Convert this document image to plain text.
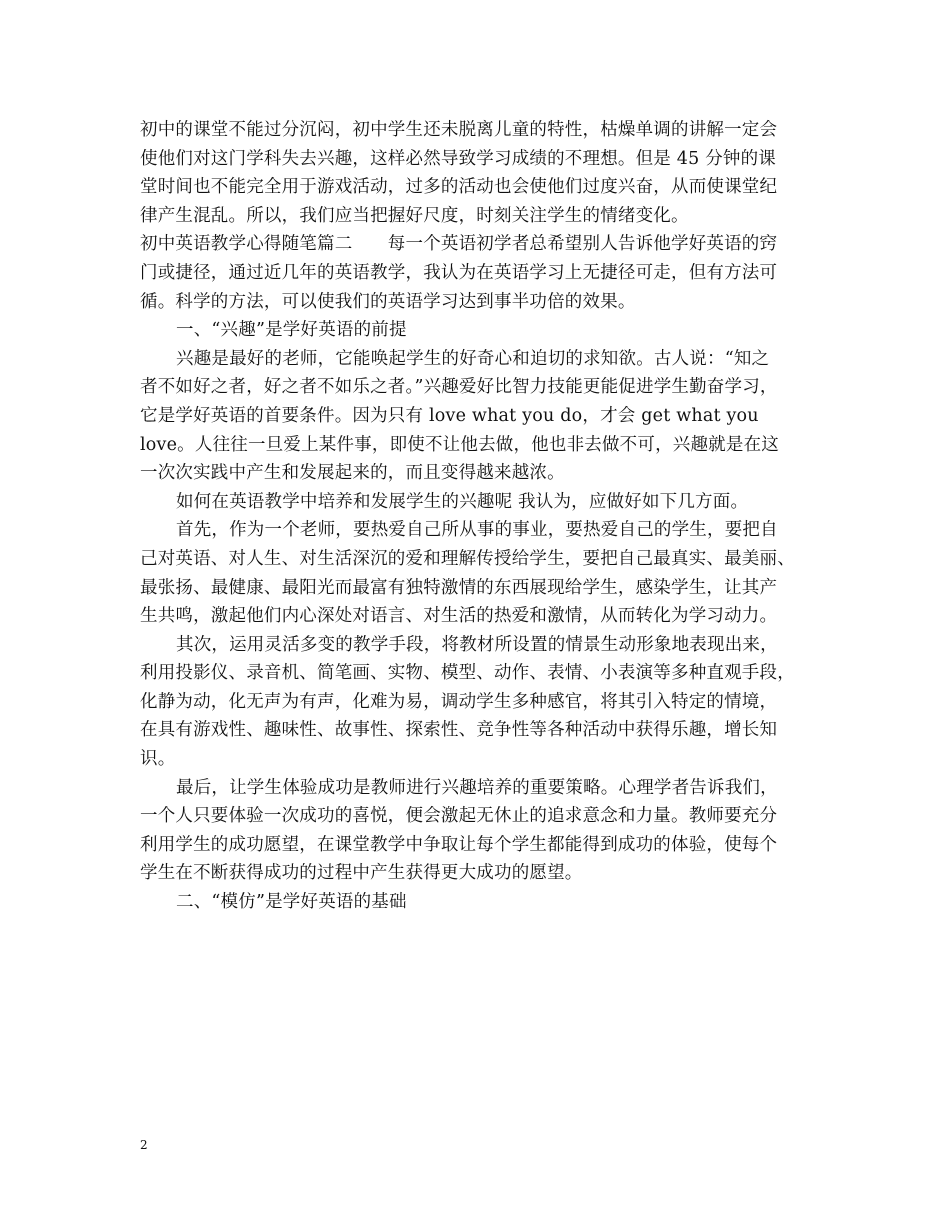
初中的课堂不能过分沉闷，初中学生还未脱离儿童的特性，枯燥单调的讲解一定会
使他们对这门学科失去兴趣，这样必然导致学习成绩的不理想。但是 45 分钟的课
堂时间也不能完全用于游戏活动，过多的活动也会使他们过度兴奋，从而使课堂纪
律产生混乱。所以，我们应当把握好尺度，时刻关注学生的情绪变化。
初中英语教学心得随笔篇二　　每一个英语初学者总希望别人告诉他学好英语的窍
门或捷径，通过近几年的英语教学，我认为在英语学习上无捷径可走，但有方法可
循。科学的方法，可以使我们的英语学习达到事半功倍的效果。
一、“兴趣”是学好英语的前提
兴趣是最好的老师，它能唤起学生的好奇心和迫切的求知欲。古人说：“知之
者不如好之者，好之者不如乐之者。”兴趣爱好比智力技能更能促进学生勤奋学习，
它是学好英语的首要条件。因为只有 love what you do，才会 get what you
love。人往往一旦爱上某件事，即使不让他去做，他也非去做不可，兴趣就是在这
一次次实践中产生和发展起来的，而且变得越来越浓。
如何在英语教学中培养和发展学生的兴趣呢 我认为，应做好如下几方面。
首先，作为一个老师，要热爱自己所从事的事业，要热爱自己的学生，要把自
己对英语、对人生、对生活深沉的爱和理解传授给学生，要把自己最真实、最美丽、
最张扬、最健康、最阳光而最富有独特激情的东西展现给学生，感染学生，让其产
生共鸣，激起他们内心深处对语言、对生活的热爱和激情，从而转化为学习动力。
其次，运用灵活多变的教学手段，将教材所设置的情景生动形象地表现出来，
利用投影仪、录音机、简笔画、实物、模型、动作、表情、小表演等多种直观手段，
化静为动，化无声为有声，化难为易，调动学生多种感官，将其引入特定的情境，
在具有游戏性、趣味性、故事性、探索性、竞争性等各种活动中获得乐趣，增长知
识。
最后，让学生体验成功是教师进行兴趣培养的重要策略。心理学者告诉我们，
一个人只要体验一次成功的喜悦，便会激起无休止的追求意念和力量。教师要充分
利用学生的成功愿望，在课堂教学中争取让每个学生都能得到成功的体验，使每个
学生在不断获得成功的过程中产生获得更大成功的愿望。
二、“模仿”是学好英语的基础
2
